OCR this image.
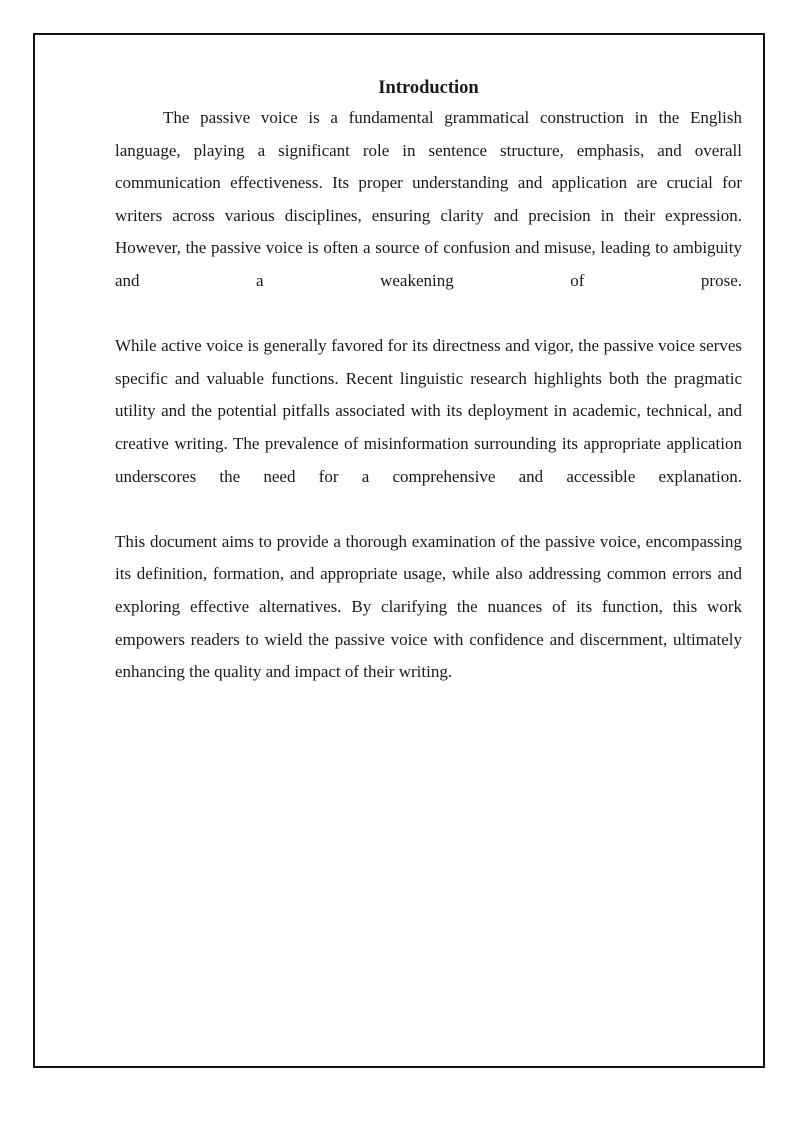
Introduction

The passive voice is a fundamental grammatical construction in the English language, playing a significant role in sentence structure, emphasis, and overall communication effectiveness. Its proper understanding and application are crucial for writers across various disciplines, ensuring clarity and precision in their expression. However, the passive voice is often a source of confusion and misuse, leading to ambiguity and a weakening of prose.

While active voice is generally favored for its directness and vigor, the passive voice serves specific and valuable functions. Recent linguistic research highlights both the pragmatic utility and the potential pitfalls associated with its deployment in academic, technical, and creative writing. The prevalence of misinformation surrounding its appropriate application underscores the need for a comprehensive and accessible explanation.

This document aims to provide a thorough examination of the passive voice, encompassing its definition, formation, and appropriate usage, while also addressing common errors and exploring effective alternatives. By clarifying the nuances of its function, this work empowers readers to wield the passive voice with confidence and discernment, ultimately enhancing the quality and impact of their writing.
